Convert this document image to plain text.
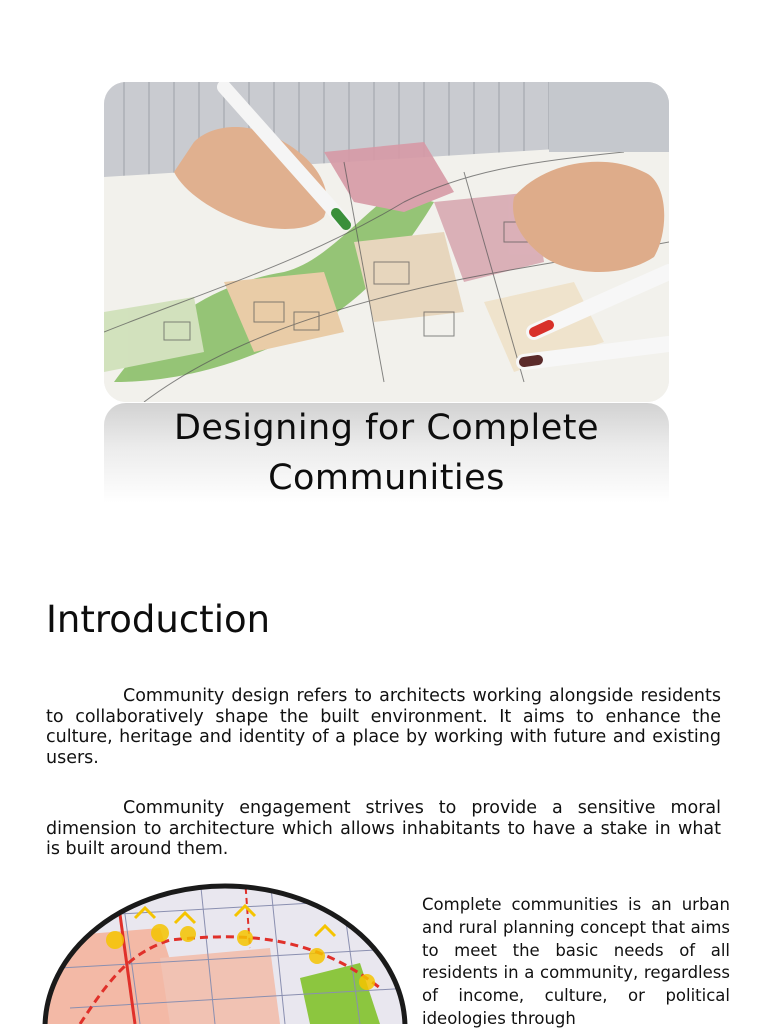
Designing for Complete Communities
Introduction

Community design refers to architects working alongside residents to collaboratively shape the built environment. It aims to enhance the culture, heritage and identity of a place by working with future and existing users.

Community engagement strives to provide a sensitive moral dimension to architecture which allows inhabitants to have a stake in what is built around them.

Complete communities is an urban and rural planning concept that aims to meet the basic needs of all residents in a community, regardless of income, culture, or political ideologies through
